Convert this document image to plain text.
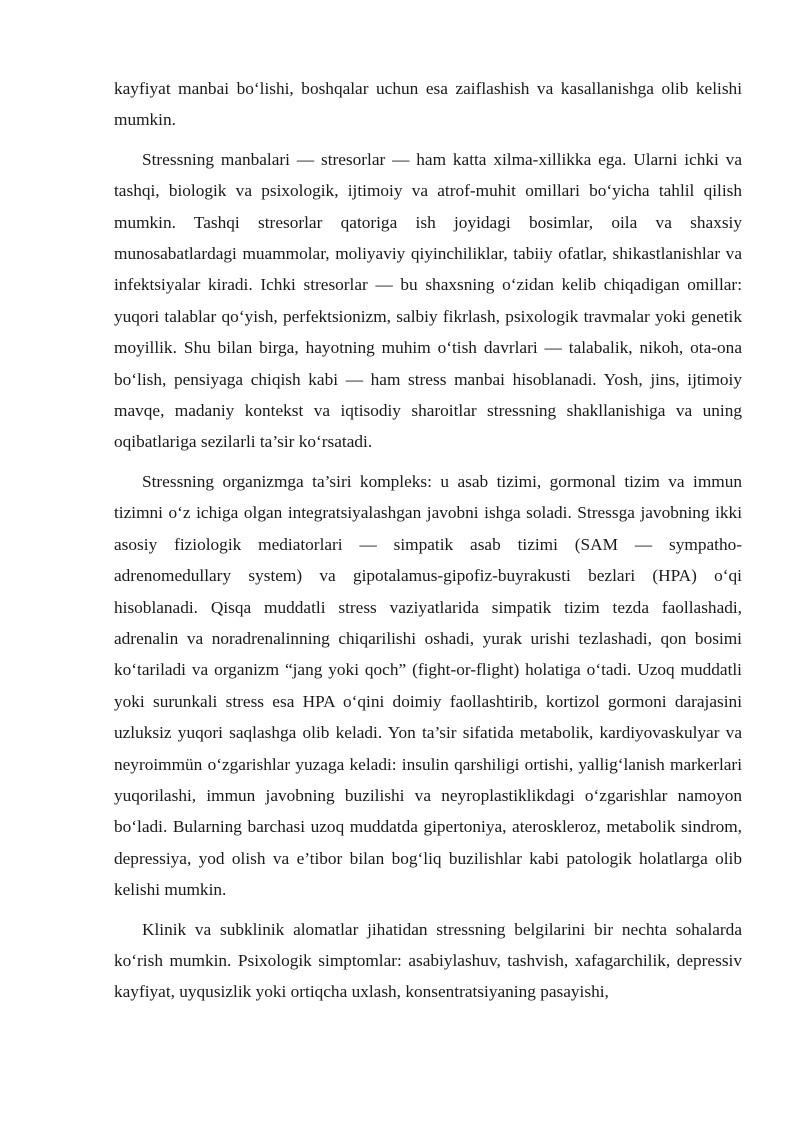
kayfiyat manbai bo‘lishi, boshqalar uchun esa zaiflashish va kasallanishga olib kelishi mumkin.

Stressning manbalari — stresorlar — ham katta xilma-xillikka ega. Ularni ichki va tashqi, biologik va psixologik, ijtimoiy va atrof-muhit omillari bo‘yicha tahlil qilish mumkin. Tashqi stresorlar qatoriga ish joyidagi bosimlar, oila va shaxsiy munosabatlardagi muammolar, moliyaviy qiyinchiliklar, tabiiy ofatlar, shikastlanishlar va infektsiyalar kiradi. Ichki stresorlar — bu shaxsning o‘zidan kelib chiqadigan omillar: yuqori talablar qo‘yish, perfektsionizm, salbiy fikrlash, psixologik travmalar yoki genetik moyillik. Shu bilan birga, hayotning muhim o‘tish davrlari — talabalik, nikoh, ota-ona bo‘lish, pensiyaga chiqish kabi — ham stress manbai hisoblanadi. Yosh, jins, ijtimoiy mavqe, madaniy kontekst va iqtisodiy sharoitlar stressning shakllanishiga va uning oqibatlariga sezilarli ta’sir ko‘rsatadi.

Stressning organizmga ta’siri kompleks: u asab tizimi, gormonal tizim va immun tizimni o‘z ichiga olgan integratsiyalashgan javobni ishga soladi. Stressga javobning ikki asosiy fiziologik mediatorlari — simpatik asab tizimi (SAM — sympatho-adrenomedullary system) va gipotalamus-gipofiz-buyrakusti bezlari (HPA) o‘qi hisoblanadi. Qisqa muddatli stress vaziyatlarida simpatik tizim tezda faollashadi, adrenalin va noradrenalinning chiqarilishi oshadi, yurak urishi tezlashadi, qon bosimi ko‘tariladi va organizm “jang yoki qoch” (fight-or-flight) holatiga o‘tadi. Uzoq muddatli yoki surunkali stress esa HPA o‘qini doimiy faollashtirib, kortizol gormoni darajasini uzluksiz yuqori saqlashga olib keladi. Yon ta’sir sifatida metabolik, kardiyovaskulyar va neyroimmün o‘zgarishlar yuzaga keladi: insulin qarshiligi ortishi, yallig‘lanish markerlari yuqorilashi, immun javobning buzilishi va neyroplastiklikdagi o‘zgarishlar namoyon bo‘ladi. Bularning barchasi uzoq muddatda gipertoniya, ateroskleroz, metabolik sindrom, depressiya, yod olish va e’tibor bilan bog‘liq buzilishlar kabi patologik holatlarga olib kelishi mumkin.

Klinik va subklinik alomatlar jihatidan stressning belgilarini bir nechta sohalarda ko‘rish mumkin. Psixologik simptomlar: asabiylashuv, tashvish, xafagarchilik, depressiv kayfiyat, uyqusizlik yoki ortiqcha uxlash, konsentratsiyaning pasayishi,
